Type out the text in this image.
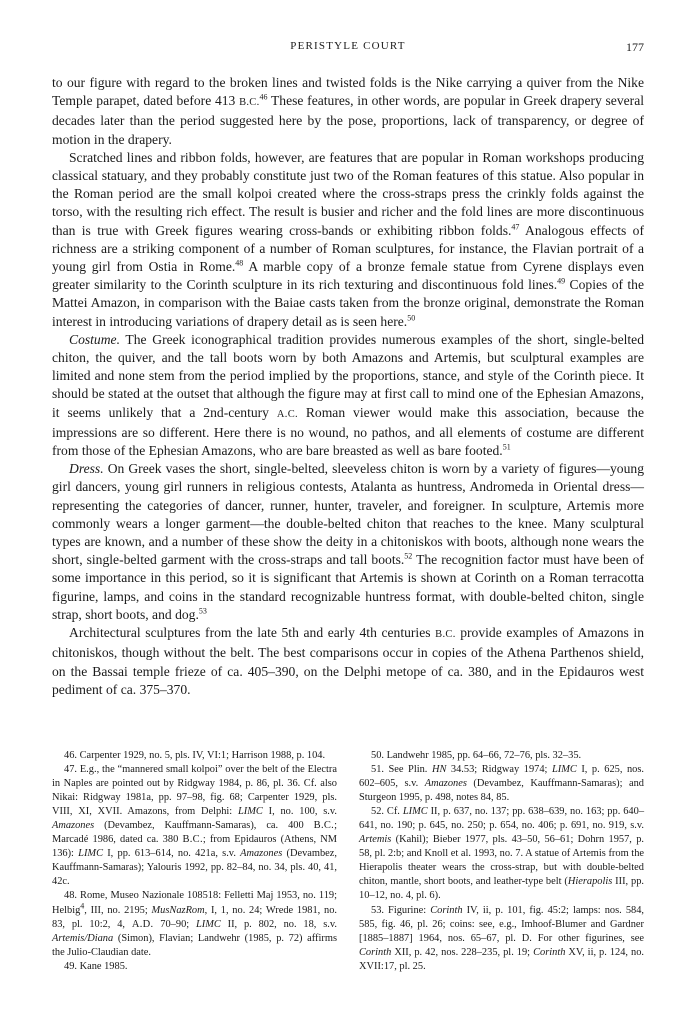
PERISTYLE COURT	177

to our figure with regard to the broken lines and twisted folds is the Nike carrying a quiver from the Nike Temple parapet, dated before 413 B.C.$^{46}$ These features, in other words, are popular in Greek drapery several decades later than the period suggested here by the pose, proportions, lack of transparency, or degree of motion in the drapery.

Scratched lines and ribbon folds, however, are features that are popular in Roman workshops producing classical statuary, and they probably constitute just two of the Roman features of this statue. Also popular in the Roman period are the small kolpoi created where the cross-straps press the crinkly folds against the torso, with the resulting rich effect. The result is busier and richer and the fold lines are more discontinuous than is true with Greek figures wearing cross-bands or exhibiting ribbon folds.$^{47}$ Analogous effects of richness are a striking component of a number of Roman sculptures, for instance, the Flavian portrait of a young girl from Ostia in Rome.$^{48}$ A marble copy of a bronze female statue from Cyrene displays even greater similarity to the Corinth sculpture in its rich texturing and discontinuous fold lines.$^{49}$ Copies of the Mattei Amazon, in comparison with the Baiae casts taken from the bronze original, demonstrate the Roman interest in introducing variations of drapery detail as is seen here.$^{50}$

Costume. The Greek iconographical tradition provides numerous examples of the short, single-belted chiton, the quiver, and the tall boots worn by both Amazons and Artemis, but sculptural examples are limited and none stem from the period implied by the proportions, stance, and style of the Corinth piece. It should be stated at the outset that although the figure may at first call to mind one of the Ephesian Amazons, it seems unlikely that a 2nd-century A.C. Roman viewer would make this association, because the impressions are so different. Here there is no wound, no pathos, and all elements of costume are different from those of the Ephesian Amazons, who are bare breasted as well as bare footed.$^{51}$

Dress. On Greek vases the short, single-belted, sleeveless chiton is worn by a variety of figures—young girl dancers, young girl runners in religious contests, Atalanta as huntress, Andromeda in Oriental dress—representing the categories of dancer, runner, hunter, traveler, and foreigner. In sculpture, Artemis more commonly wears a longer garment—the double-belted chiton that reaches to the knee. Many sculptural types are known, and a number of these show the deity in a chitoniskos with boots, although none wears the short, single-belted garment with the cross-straps and tall boots.$^{52}$ The recognition factor must have been of some importance in this period, so it is significant that Artemis is shown at Corinth on a Roman terracotta figurine, lamps, and coins in the standard recognizable huntress format, with double-belted chiton, single strap, short boots, and dog.$^{53}$

Architectural sculptures from the late 5th and early 4th centuries B.C. provide examples of Amazons in chitoniskos, though without the belt. The best comparisons occur in copies of the Athena Parthenos shield, on the Bassai temple frieze of ca. 405–390, on the Delphi metope of ca. 380, and in the Epidauros west pediment of ca. 375–370.

46. Carpenter 1929, no. 5, pls. IV, VI:1; Harrison 1988, p. 104.

47. E.g., the “mannered small kolpoi” over the belt of the Electra in Naples are pointed out by Ridgway 1984, p. 86, pl. 36. Cf. also Nikai: Ridgway 1981a, pp. 97–98, fig. 68; Carpenter 1929, pls. VIII, XI, XVII. Amazons, from Delphi: LIMC I, no. 100, s.v. Amazones (Devambez, Kauffmann-Samaras), ca. 400 B.C.; Marcadé 1986, dated ca. 380 B.C.; from Epidauros (Athens, NM 136): LIMC I, pp. 613–614, no. 421a, s.v. Amazones (Devambez, Kauffmann-Samaras); Yalouris 1992, pp. 82–84, no. 34, pls. 40, 41, 42c.

48. Rome, Museo Nazionale 108518: Felletti Maj 1953, no. 119; Helbig$^4$, III, no. 2195; MusNazRom, I, 1, no. 24; Wrede 1981, no. 83, pl. 10:2, 4, A.D. 70–90; LIMC II, p. 802, no. 18, s.v. Artemis/Diana (Simon), Flavian; Landwehr (1985, p. 72) affirms the Julio-Claudian date.

49. Kane 1985.

50. Landwehr 1985, pp. 64–66, 72–76, pls. 32–35.

51. See Plin. HN 34.53; Ridgway 1974; LIMC I, p. 625, nos. 602–605, s.v. Amazones (Devambez, Kauffmann-Samaras); and Sturgeon 1995, p. 498, notes 84, 85.

52. Cf. LIMC II, p. 637, no. 137; pp. 638–639, no. 163; pp. 640–641, no. 190; p. 645, no. 250; p. 654, no. 406; p. 691, no. 919, s.v. Artemis (Kahil); Bieber 1977, pls. 43–50, 56–61; Dohrn 1957, p. 58, pl. 2:b; and Knoll et al. 1993, no. 7. A statue of Artemis from the Hierapolis theater wears the cross-strap, but with double-belted chiton, mantle, short boots, and leather-type belt (Hierapolis III, pp. 10–12, no. 4, pl. 6).

53. Figurine: Corinth IV, ii, p. 101, fig. 45:2; lamps: nos. 584, 585, fig. 46, pl. 26; coins: see, e.g., Imhoof-Blumer and Gardner [1885–1887] 1964, nos. 65–67, pl. D. For other figurines, see Corinth XII, p. 42, nos. 228–235, pl. 19; Corinth XV, ii, p. 124, no. XVII:17, pl. 25.
